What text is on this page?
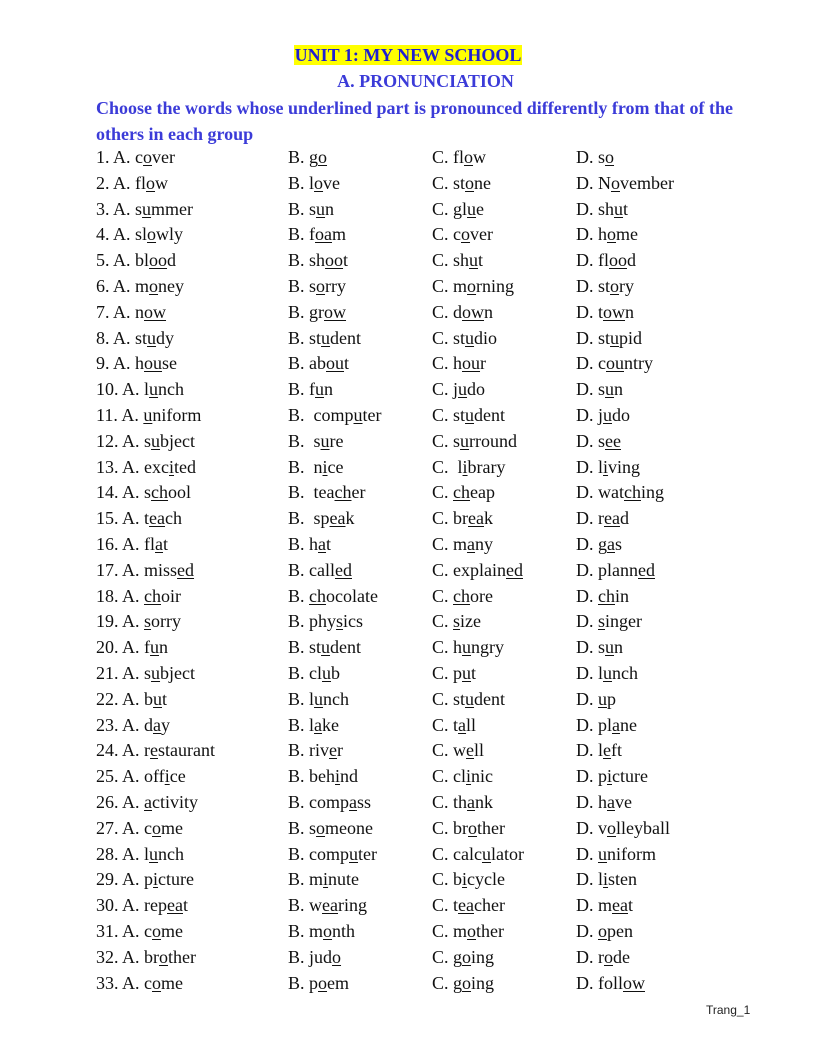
UNIT 1: MY NEW SCHOOL
A. PRONUNCIATION
Choose the words whose underlined part is pronounced differently from that of the others in each group
1. A. cover	B. go	C. flow	D. so
2. A. flow	B. love	C. stone	D. November
3. A. summer	B. sun	C. glue	D. shut
4. A. slowly	B. foam	C. cover	D. home
5. A. blood	B. shoot	C. shut	D. flood
6. A. money	B. sorry	C. morning	D. story
7. A. now	B. grow	C. down	D. town
8. A. study	B. student	C. studio	D. stupid
9. A. house	B. about	C. hour	D. country
10. A. lunch	B. fun	C. judo	D. sun
11. A. uniform	B.  computer	C. student	D. judo
12. A. subject	B.  sure	C. surround	D. see
13. A. excited	B.  nice	C.  library	D. living
14. A. school	B.  teacher	C. cheap	D. watching
15. A. teach	B.  speak	C. break	D. read
16. A. flat	B. hat	C. many	D. gas
17. A. missed	B. called	C. explained	D. planned
18. A. choir	B. chocolate	C. chore	D. chin
19. A. sorry	B. physics	C. size	D. singer
20. A. fun	B. student	C. hungry	D. sun
21. A. subject	B. club	C. put	D. lunch
22. A. but	B. lunch	C. student	D. up
23. A. day	B. lake	C. tall	D. plane
24. A. restaurant	B. river	C. well	D. left
25. A. office	B. behind	C. clinic	D. picture
26. A. activity	B. compass	C. thank	D. have
27. A. come	B. someone	C. brother	D. volleyball
28. A. lunch	B. computer	C. calculator	D. uniform
29. A. picture	B. minute	C. bicycle	D. listen
30. A. repeat	B. wearing	C. teacher	D. meat
31. A. come	B. month	C. mother	D. open
32. A. brother	B. judo	C. going	D. rode
33. A. come	B. poem	C. going	D. follow
Trang_1
